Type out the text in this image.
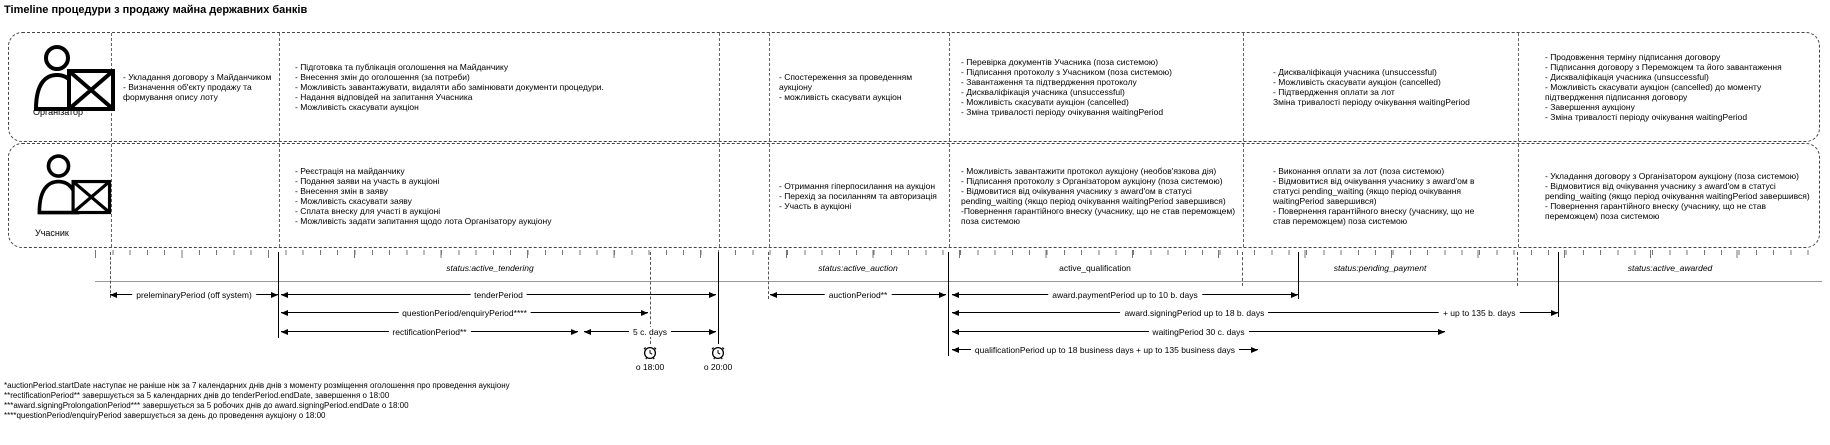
Timeline процедури з продажу майна державних банків
Організатор
- Укладання договору з Майданчиком
- Визначення об'єкту продажу та формування опису лоту
- Підготовка та публікація оголошення на Майданчику
- Внесення змін до оголошення (за потреби)
- Можливість завантажувати, видаляти або замінювати документи процедури.
- Надання відповідей на запитання Учасника
- Можливість скасувати аукціон
- Спостереження за проведенням аукціону
- можливість скасувати аукціон
- Перевірка документів Учасника (поза системою)
- Підписання протоколу з Учасником (поза системою)
- Завантаження та підтвердження протоколу
- Дискваліфікація учасника (unsuccessful)
- Можливість скасувати аукціон (cancelled)
- Зміна тривалості періоду очікування waitingPeriod
- Дискваліфікація учасника (unsuccessful)
- Можливість скасувати аукціон (cancelled)
- Підтвердження оплати за лот
Зміна тривалості періоду очікування waitingPeriod
- Продовження терміну підписання договору
- Підписання договору з Переможцем та його завантаження
- Дискваліфікація учасника (unsuccessful)
- Можливість скасувати аукціон (cancelled) до моменту підтвердження підписання договору
- Завершення аукціону
- Зміна тривалості періоду очікування waitingPeriod
Учасник
- Реєстрація на майданчику
- Подання заяви на участь в аукціоні
- Внесення змін в заяву
- Можливість скасувати заяву
- Сплата внеску для участі в аукціоні
- Можливість задати запитання щодо лота Організатору аукціону
- Отримання гіперпосилання на аукціон
- Перехід за посиланням та авторизація
- Участь в аукціоні
- Можливість завантажити протокол аукціону (необов'язкова дія)
- Підписання протоколу з Організатором аукціону (поза системою)
- Відмовитися від очікування учаснику з award'ом в статусі pending_waiting (якщо період очікування waitingPeriod завершився)
-Повернення гарантійного внеску (учаснику, що не став переможцем) поза системою
- Виконання оплати за лот (поза системою)
- Відмовитися від очікування учаснику з award'ом в статусі pending_waiting (якщо період очікування waitingPeriod завершився)
- Повернення гарантійного внеску (учаснику, що не став переможцем) поза системою
- Укладання договору з Організатором аукціону (поза системою)
- Відмовитися від очікування учаснику з award'ом в статусі pending_waiting (якщо період очікування waitingPeriod завершився)
- Повернення гарантійного внеску (учаснику, що не став переможцем) поза системою
status:active_tendering	status:active_auction	active_qualification	status:pending_payment	status:active_awarded
preleminaryPeriod (off system)	tenderPeriod	auctionPeriod**	award.paymentPeriod up to 10 b. days
questionPeriod/enquiryPeriod****	award.signingPeriod up to 18 b. days	+ up to 135 b. days
rectificationPeriod**	5 c. days	waitingPeriod 30 c. days
qualificationPeriod up to 18 business days + up to 135 business days
о 18:00	о 20:00
*auctionPeriod.startDate наступає не раніше ніж за 7 календарних днів днів з моменту розміщення оголошення про проведення аукціону
**rectificationPeriod** завершується за 5 календарних днів до tenderPeriod.endDate, завершення о 18:00
***award.signingProlongationPeriod*** завершується за 5 робочих днів до award.signingPeriod.endDate о 18:00
****questionPeriod/enquiryPeriod завершується за день до проведення аукціону о 18:00
